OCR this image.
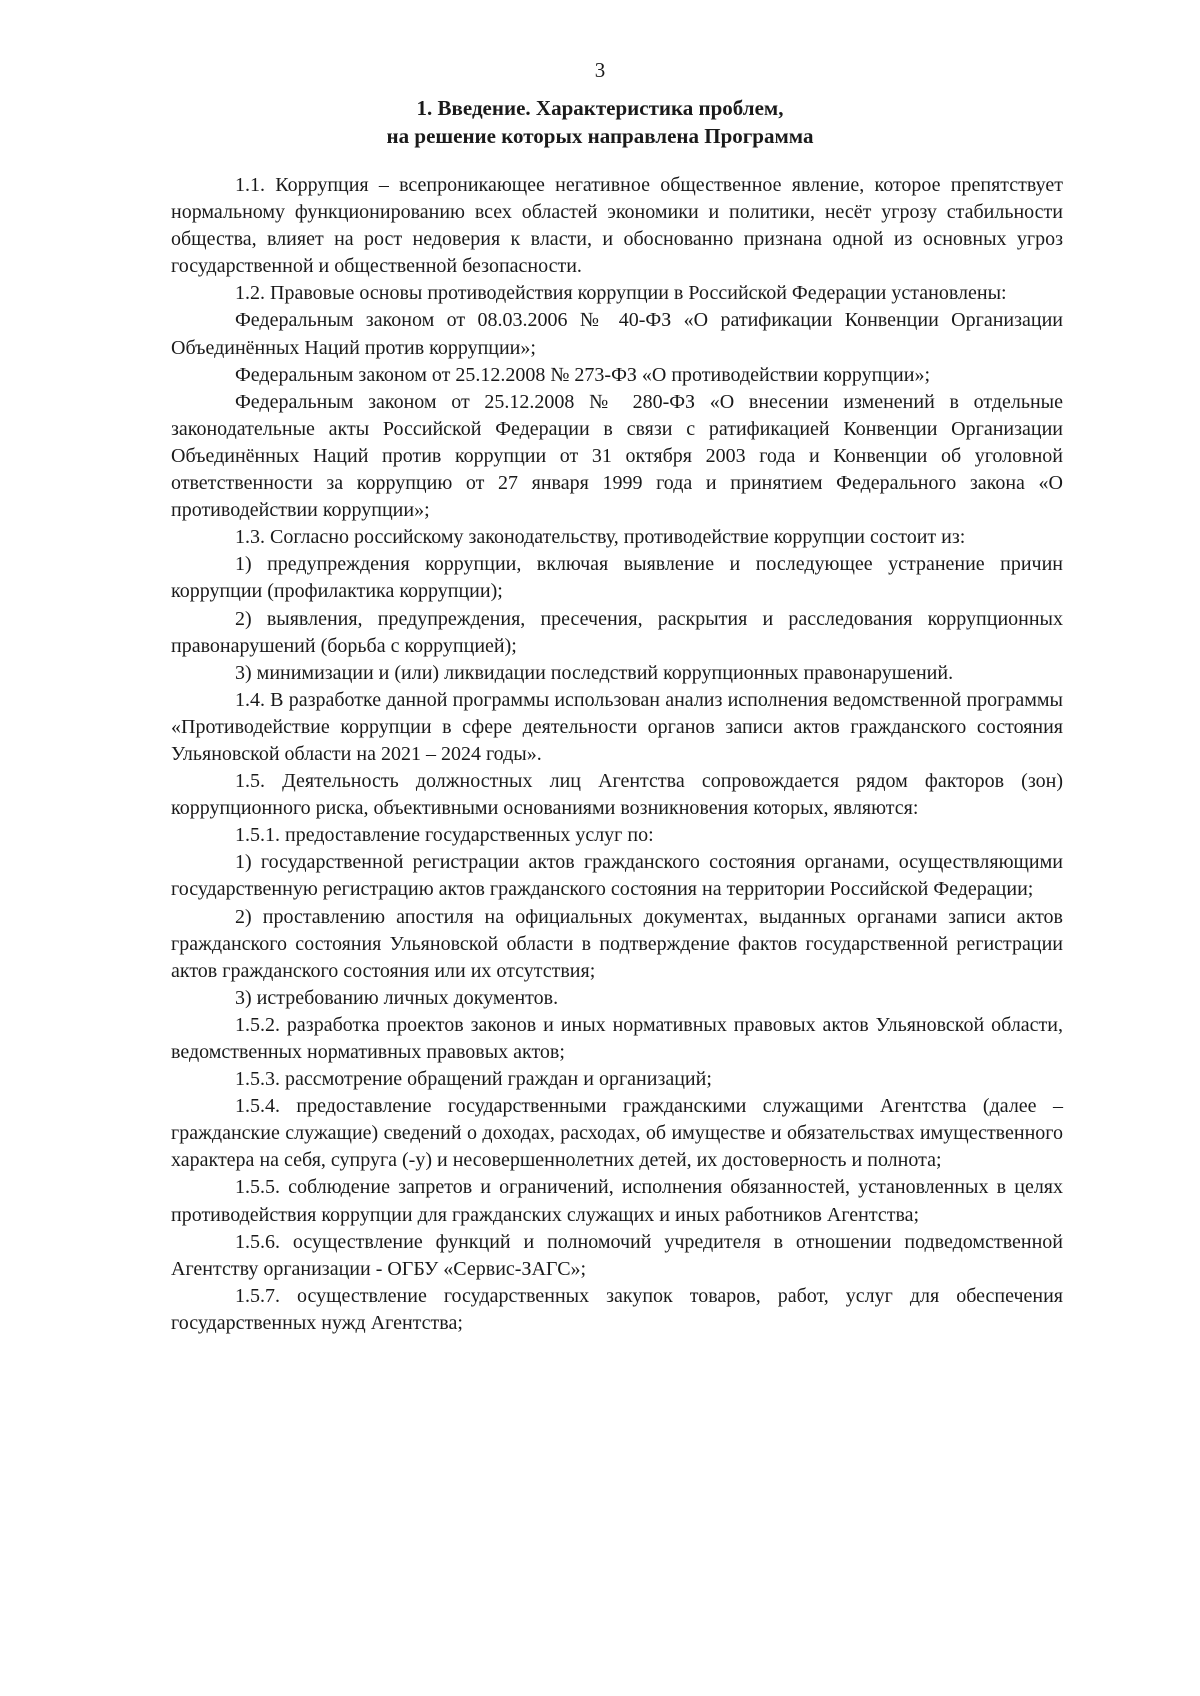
3
1. Введение. Характеристика проблем,
на решение которых направлена Программа

1.1. Коррупция – всепроникающее негативное общественное явление, которое препятствует нормальному функционированию всех областей экономики и политики, несёт угрозу стабильности общества, влияет на рост недоверия к власти, и обоснованно признана одной из основных угроз государственной и общественной безопасности.

1.2. Правовые основы противодействия коррупции в Российской Федерации установлены:

Федеральным законом от 08.03.2006 № 40-ФЗ «О ратификации Конвенции Организации Объединённых Наций против коррупции»;

Федеральным законом от 25.12.2008 № 273-ФЗ «О противодействии коррупции»;

Федеральным законом от 25.12.2008 № 280-ФЗ «О внесении изменений в отдельные законодательные акты Российской Федерации в связи с ратификацией Конвенции Организации Объединённых Наций против коррупции от 31 октября 2003 года и Конвенции об уголовной ответственности за коррупцию от 27 января 1999 года и принятием Федерального закона «О противодействии коррупции»;

1.3. Согласно российскому законодательству, противодействие коррупции состоит из:

1) предупреждения коррупции, включая выявление и последующее устранение причин коррупции (профилактика коррупции);

2) выявления, предупреждения, пресечения, раскрытия и расследования коррупционных правонарушений (борьба с коррупцией);

3) минимизации и (или) ликвидации последствий коррупционных правонарушений.

1.4. В разработке данной программы использован анализ исполнения ведомственной программы «Противодействие коррупции в сфере деятельности органов записи актов гражданского состояния Ульяновской области на 2021 – 2024 годы».

1.5. Деятельность должностных лиц Агентства сопровождается рядом факторов (зон) коррупционного риска, объективными основаниями возникновения которых, являются:

1.5.1. предоставление государственных услуг по:

1) государственной регистрации актов гражданского состояния органами, осуществляющими государственную регистрацию актов гражданского состояния на территории Российской Федерации;

2) проставлению апостиля на официальных документах, выданных органами записи актов гражданского состояния Ульяновской области в подтверждение фактов государственной регистрации актов гражданского состояния или их отсутствия;

3) истребованию личных документов.

1.5.2. разработка проектов законов и иных нормативных правовых актов Ульяновской области, ведомственных нормативных правовых актов;

1.5.3. рассмотрение обращений граждан и организаций;

1.5.4. предоставление государственными гражданскими служащими Агентства (далее – гражданские служащие) сведений о доходах, расходах, об имуществе и обязательствах имущественного характера на себя, супруга (-у) и несовершеннолетних детей, их достоверность и полнота;

1.5.5. соблюдение запретов и ограничений, исполнения обязанностей, установленных в целях противодействия коррупции для гражданских служащих и иных работников Агентства;

1.5.6. осуществление функций и полномочий учредителя в отношении подведомственной Агентству организации - ОГБУ «Сервис-ЗАГС»;

1.5.7. осуществление государственных закупок товаров, работ, услуг для обеспечения государственных нужд Агентства;
